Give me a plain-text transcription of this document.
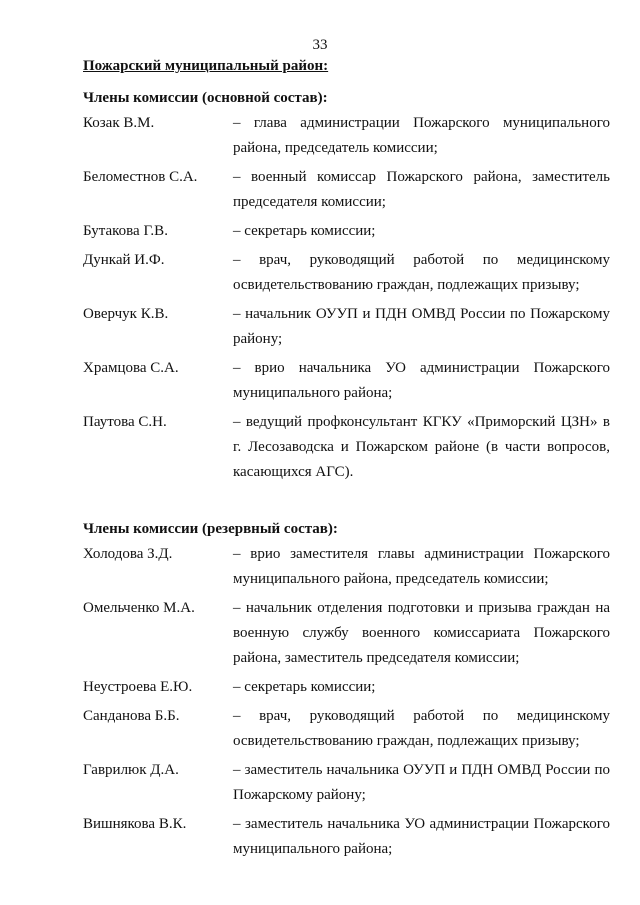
33
Пожарский муниципальный район:
Члены комиссии (основной состав):
Козак В.М.	– глава администрации Пожарского муниципального района, председатель комиссии;
Беломестнов С.А.	– военный комиссар Пожарского района, заместитель председателя комиссии;
Бутакова Г.В.	– секретарь комиссии;
Дункай И.Ф.	– врач, руководящий работой по медицинскому освидетельствованию граждан, подлежащих призыву;
Оверчук К.В.	– начальник ОУУП и ПДН ОМВД России по Пожарскому району;
Храмцова С.А.	– врио начальника УО администрации Пожарского муниципального района;
Паутова С.Н.	– ведущий профконсультант КГКУ «Приморский ЦЗН» в г. Лесозаводска и Пожарском районе (в части вопросов, касающихся АГС).
Члены комиссии (резервный состав):
Холодова З.Д.	– врио заместителя главы администрации Пожарского муниципального района, председатель комиссии;
Омельченко М.А.	– начальник отделения подготовки и призыва граждан на военную службу военного комиссариата Пожарского района, заместитель председателя комиссии;
Неустроева Е.Ю.	– секретарь комиссии;
Санданова Б.Б.	– врач, руководящий работой по медицинскому освидетельствованию граждан, подлежащих призыву;
Гаврилюк Д.А.	– заместитель начальника ОУУП и ПДН ОМВД России по Пожарскому району;
Вишнякова В.К.	– заместитель начальника УО администрации Пожарского муниципального района;
